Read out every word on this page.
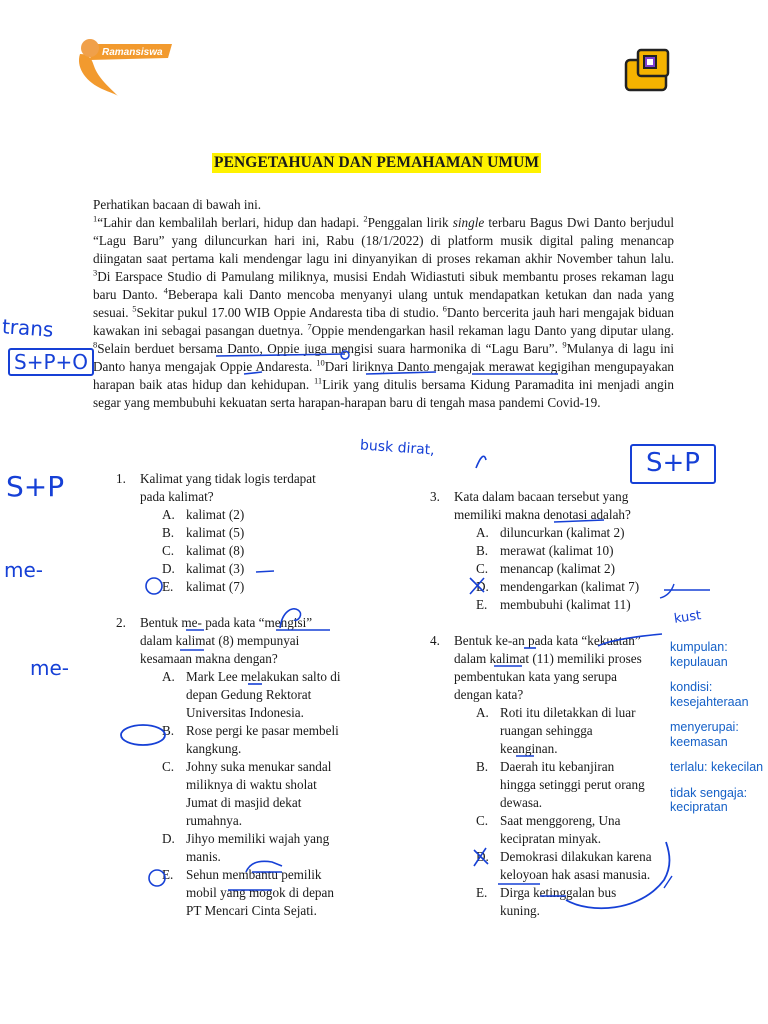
Ramansiswa
PENGETAHUAN DAN PEMAHAMAN UMUM

Perhatikan bacaan di bawah ini.

$^1$“Lahir dan kembalilah berlari, hidup dan hadapi. $^2$Penggalan lirik single terbaru Bagus Dwi Danto berjudul “Lagu Baru” yang diluncurkan hari ini, Rabu (18/1/2022) di platform musik digital paling menancap diingatan saat pertama kali mendengar lagu ini dinyanyikan di proses rekaman akhir November tahun lalu. $^3$Di Earspace Studio di Pamulang miliknya, musisi Endah Widiastuti sibuk membantu proses rekaman lagu baru Danto. $^4$Beberapa kali Danto mencoba menyanyi ulang untuk mendapatkan ketukan dan nada yang sesuai. $^5$Sekitar pukul 17.00 WIB Oppie Andaresta tiba di studio. $^6$Danto bercerita jauh hari mengajak biduan kawakan ini sebagai pasangan duetnya. $^7$Oppie mendengarkan hasil rekaman lagu Danto yang diputar ulang. $^8$Selain berduet bersama Danto, Oppie juga mengisi suara harmonika di “Lagu Baru”. $^9$Mulanya di lagu ini Danto hanya mengajak Oppie Andaresta. $^{10}$Dari liriknya Danto mengajak merawat kegigihan mengupayakan harapan baik atas hidup dan kehidupan. $^{11}$Lirik yang ditulis bersama Kidung Paramadita ini menjadi angin segar yang membubuhi kekuatan serta harapan-harapan baru di tengah masa pandemi Covid-19.

1. Kalimat yang tidak logis terdapat
pada kalimat?
A. kalimat (2)
B. kalimat (5)
C. kalimat (8)
D. kalimat (3)
E. kalimat (7)
2. Bentuk me- pada kata “mengisi”
dalam kalimat (8) mempunyai
kesamaan makna dengan?
A. Mark Lee melakukan salto di
depan Gedung Rektorat
Universitas Indonesia.
B. Rose pergi ke pasar membeli
kangkung.
C. Johny suka menukar sandal
miliknya di waktu sholat
Jumat di masjid dekat
rumahnya.
D. Jihyo memiliki wajah yang
manis.
E. Sehun membantu pemilik
mobil yang mogok di depan
PT Mencari Cinta Sejati.
3. Kata dalam bacaan tersebut yang
memiliki makna denotasi adalah?
A. diluncurkan (kalimat 2)
B. merawat (kalimat 10)
C. menancap (kalimat 2)
D. mendengarkan (kalimat 7)
E. membubuhi (kalimat 11)
4. Bentuk ke-an pada kata “kekuatan”
dalam kalimat (11) memiliki proses
pembentukan kata yang serupa
dengan kata?
A. Roti itu diletakkan di luar
ruangan sehingga
keanginan.
B. Daerah itu kebanjiran
hingga setinggi perut orang
dewasa.
C. Saat menggoreng, Una
kecipratan minyak.
D. Demokrasi dilakukan karena
keloyoan hak asasi manusia.
E. Dirga ketinggalan bus
kuning.
kumpulan: kepulauan
kondisi: kesejahteraan
menyerupai: keemasan
terlalu: kekecilan
tidak sengaja: kecipratan
trans
S+P+O
S+P
me-
me-
S+P
busk dirat,
kust
